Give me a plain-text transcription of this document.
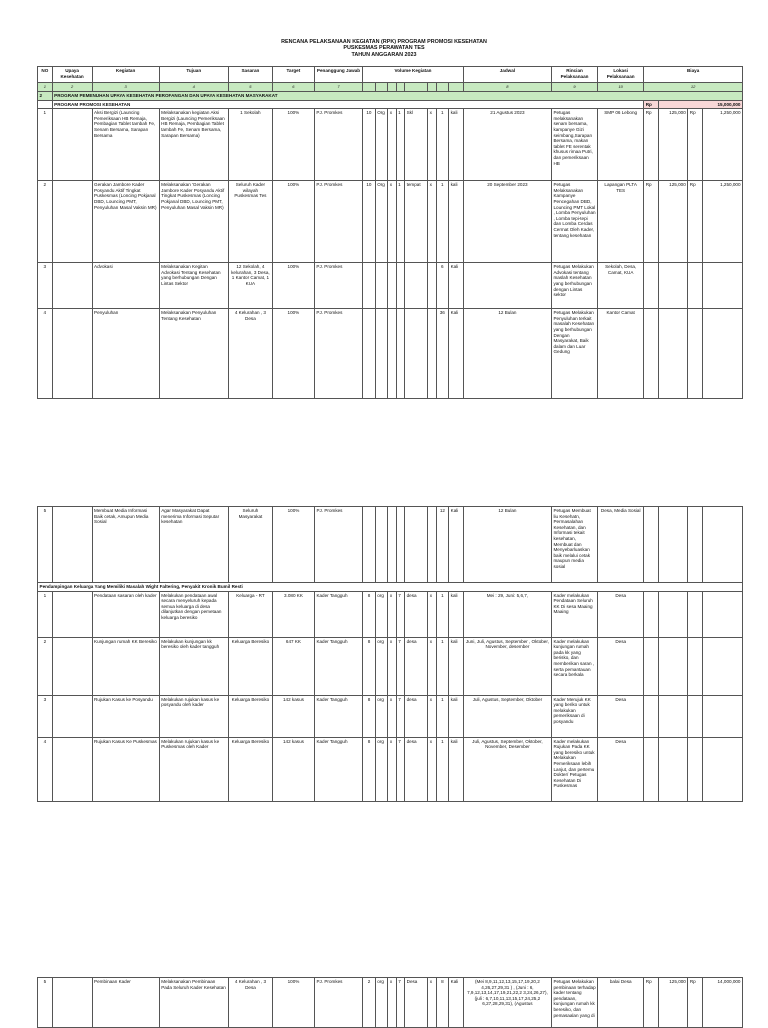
RENCANA PELAKSANAAN KEGIATAN (RPK) PROGRAM PROMOSI KESEHATAN
PUSKESMAS PERAWATAN TES
TAHUN ANGGARAN 2023
NO	Upaya Kesehatan	Kegiatan	Tujuan	Sasaran	Target	Penanggung Jawab	Volume Kegiatan								Jadwal	Rincian Pelaksanaan	Lokasi Pelaksanaan	Biaya			
1	2	3	4	5	6	7									8	9	10	12			
2	PROGRAM PEMENUHAN UPAYA KESEHATAN PEROFANGAN DAN UPAYA KESEHATAN MASYARAKAT																				
	PROGRAM PROMOSI KESEHATAN																	Rp	15,000,000		
1		Aksi Bergizi (Launcing Pemeriksaan HB Remaja, Pembagian Tablet tambah Fe, Senam Bersama, Sarapan Bersama	Melaksanakan kegiatan Aksi Bergizi (Launcing Pemeriksaan HB Remaja, Pembagian Tablet tambah Fe, Senam Bersama, Sarapan Bersama)	1 Sekolah	100%	PJ. Promkes	10	Org	x	1	Skl	x	1	kali	21 Agustus 2023	Petugas melaksanakan senam bersama, kampanye Gizi seimbang,Sarapan Bersama, makan tablet FE serentak khusus rimaa Putri, dan pemeriksaan HB	SMP 06 Lebong	Rp	125,000	Rp	1,250,000
2		Gerakan Jambore Kader Posyandu Aktif Tingkat Puskesmas (Loncing Pokjanal DBD, Louncing PMT, Penyuluhan Masal Vaksin MR)	Melaksanakan 'Gerakan Jambore Kader Posyandu Aktif Tingkat Puskesmas (Loncing Pokjanal DBD, Louncing PMT, Penyuluhan Masal Vaksin MR)	Seluruh Kader wilayah Puskesmas Tes	100%	PJ. Promkes	10	Org	x	1	tempat	x	1	kali	20 September 2023	Petugas Melaksanakan Kampanye Pencegahan DBD, Louncing PMT Lokal , Lomba Penyuluhan , Lomba tepi-tepi dan Lomba Cerdas Cermat Oleh Kader, tentang kesehatan	Lapangan PLTA TES	Rp	125,000	Rp	1,250,000
3		Advokasi	Melaksanakan Kegitan Advokasi Tentang Kesehatan yang berhubungan Dengan Lintas Sektor	12 Sekolah, 4 kelurahan, 3 Desa, 1 Kantor Camat, 1 KUA	100%	PJ. Promkes							6	Kali		Petugas Melakukan Advokasi tentang maslah Kesehatan yang berhubungan dengan Lintas sektor	Sekolah, Desa, Camat, KUA				
4		Penyuluhan	Melaksanakan Penyuluhan Tentang Kesehatan	4 Kelurahan , 3 Desa	100%	PJ. Promkes							36	Kali	12 Bulan	Petugas Melakukan Penyuluhan terkait masalah Kesehatan yang berhubungan Dengan Masyarakat, Baik dalam dan Luar Gedung	Kantor Camat				
5		Membuat Media Informasi Baik cetak, Amupun Media Sosial	Agar Masyarakat Dapat menerima Informasi Seputar kesehatan	Seluruh Masyarakat	100%	PJ. Promkes							12	Kali	12 Bulan	Petugas Membuat liu Kesehatn, Permasalahan Kesehatan, dan Informasi tekait kesehatan, Membuat dan Menyebarluaskan baik melalui cetak maupun media sosial	Desa, Media Sosial				
Pendampingan Keluarga Yang Memiliki Masalah Wight Faltering, Penyakit Kronik Bumil Resti																					
1		Pendataan sasaran oleh kader	Melakukan pendataan awal secara menyeluruh kepada semua keluarga di desa dilanjutkan dengan pemetaan keluarga beresiko	Keluarga - RT	3.080 KK	Kader Tangguh	8	org	x	7	desa	x	1	kali	Mei : 29, Juni: 5,6,7,	Kader melakukan Pendataan Seluruh KK Di sesa Maaing Maaing	Desa				
2		Kunjungan rumah KK Beresiko	Melakukan kunjungan kk beresiko oleh kader tangguh	Keluarga Beresiko	647 KK	Kader Tangguh	8	org	x	7	desa	x	1	kali	Juni, Juli, Agustus, September , Oktober, November, desember	Kader melakukan kunjungan rumah pada kk yang berisko, dan memberikan saran , serta pemantauan secara berkala	Desa				
3		Rujukan Kasus ke Posyandu	Melakukan rujukan kasus ke posyandu oleh kader	Keluarga Beresiko	142 kasus	Kader Tangguh	8	org	x	7	desa	x	1	kali	Juli, Agustus, September, Oktober	Kader Merujuk KK yang beriko untuk melakukan pemeriksaan di posyandu	Desa				
4		Rujukan Kasus Ke Puskesmas	Melakukan rujukan kasus ke Puskesmas oleh Kader	Keluarga Beresiko	142 kasus	Kader Tangguh	8	org	x	7	desa	x	1	kali	Juli, Agustus, September, Oktober, November, Desember	Kader melakukan Rujukan Pada KK yang beresiko untuk Melakukan Pemeriksaan lebih Lanjut, dan pertemu Dokter/ Petugas Kesehatan Di Puskesmas	Desa				
5		Pembinaan Kader	Melaksanakan Pembinaan Pada Seluruh Kader Kesehatan	4 Kelurahan , 3 Desa	100%	PJ. Promkes	2	org	x	7	Desa	x	8	Kali	(Mei 8,9,11,12,13,15,17,19,20,2 4,26,27,29,31 ) , (Juni : 6, 7,9,12,13,14,17,19,21,22,2 3,24,26,27), (juli : 6,7,10,11,13,15,17,24,25,2 6,27,28,29,31), (Agustus	Petugas Melakukan pembinaan terhadap kader tentang pendataan, kunjungan rumah kk beresiko, dan pemasaalan yang di	balai Desa	Rp	125,000	Rp	14,000,000
